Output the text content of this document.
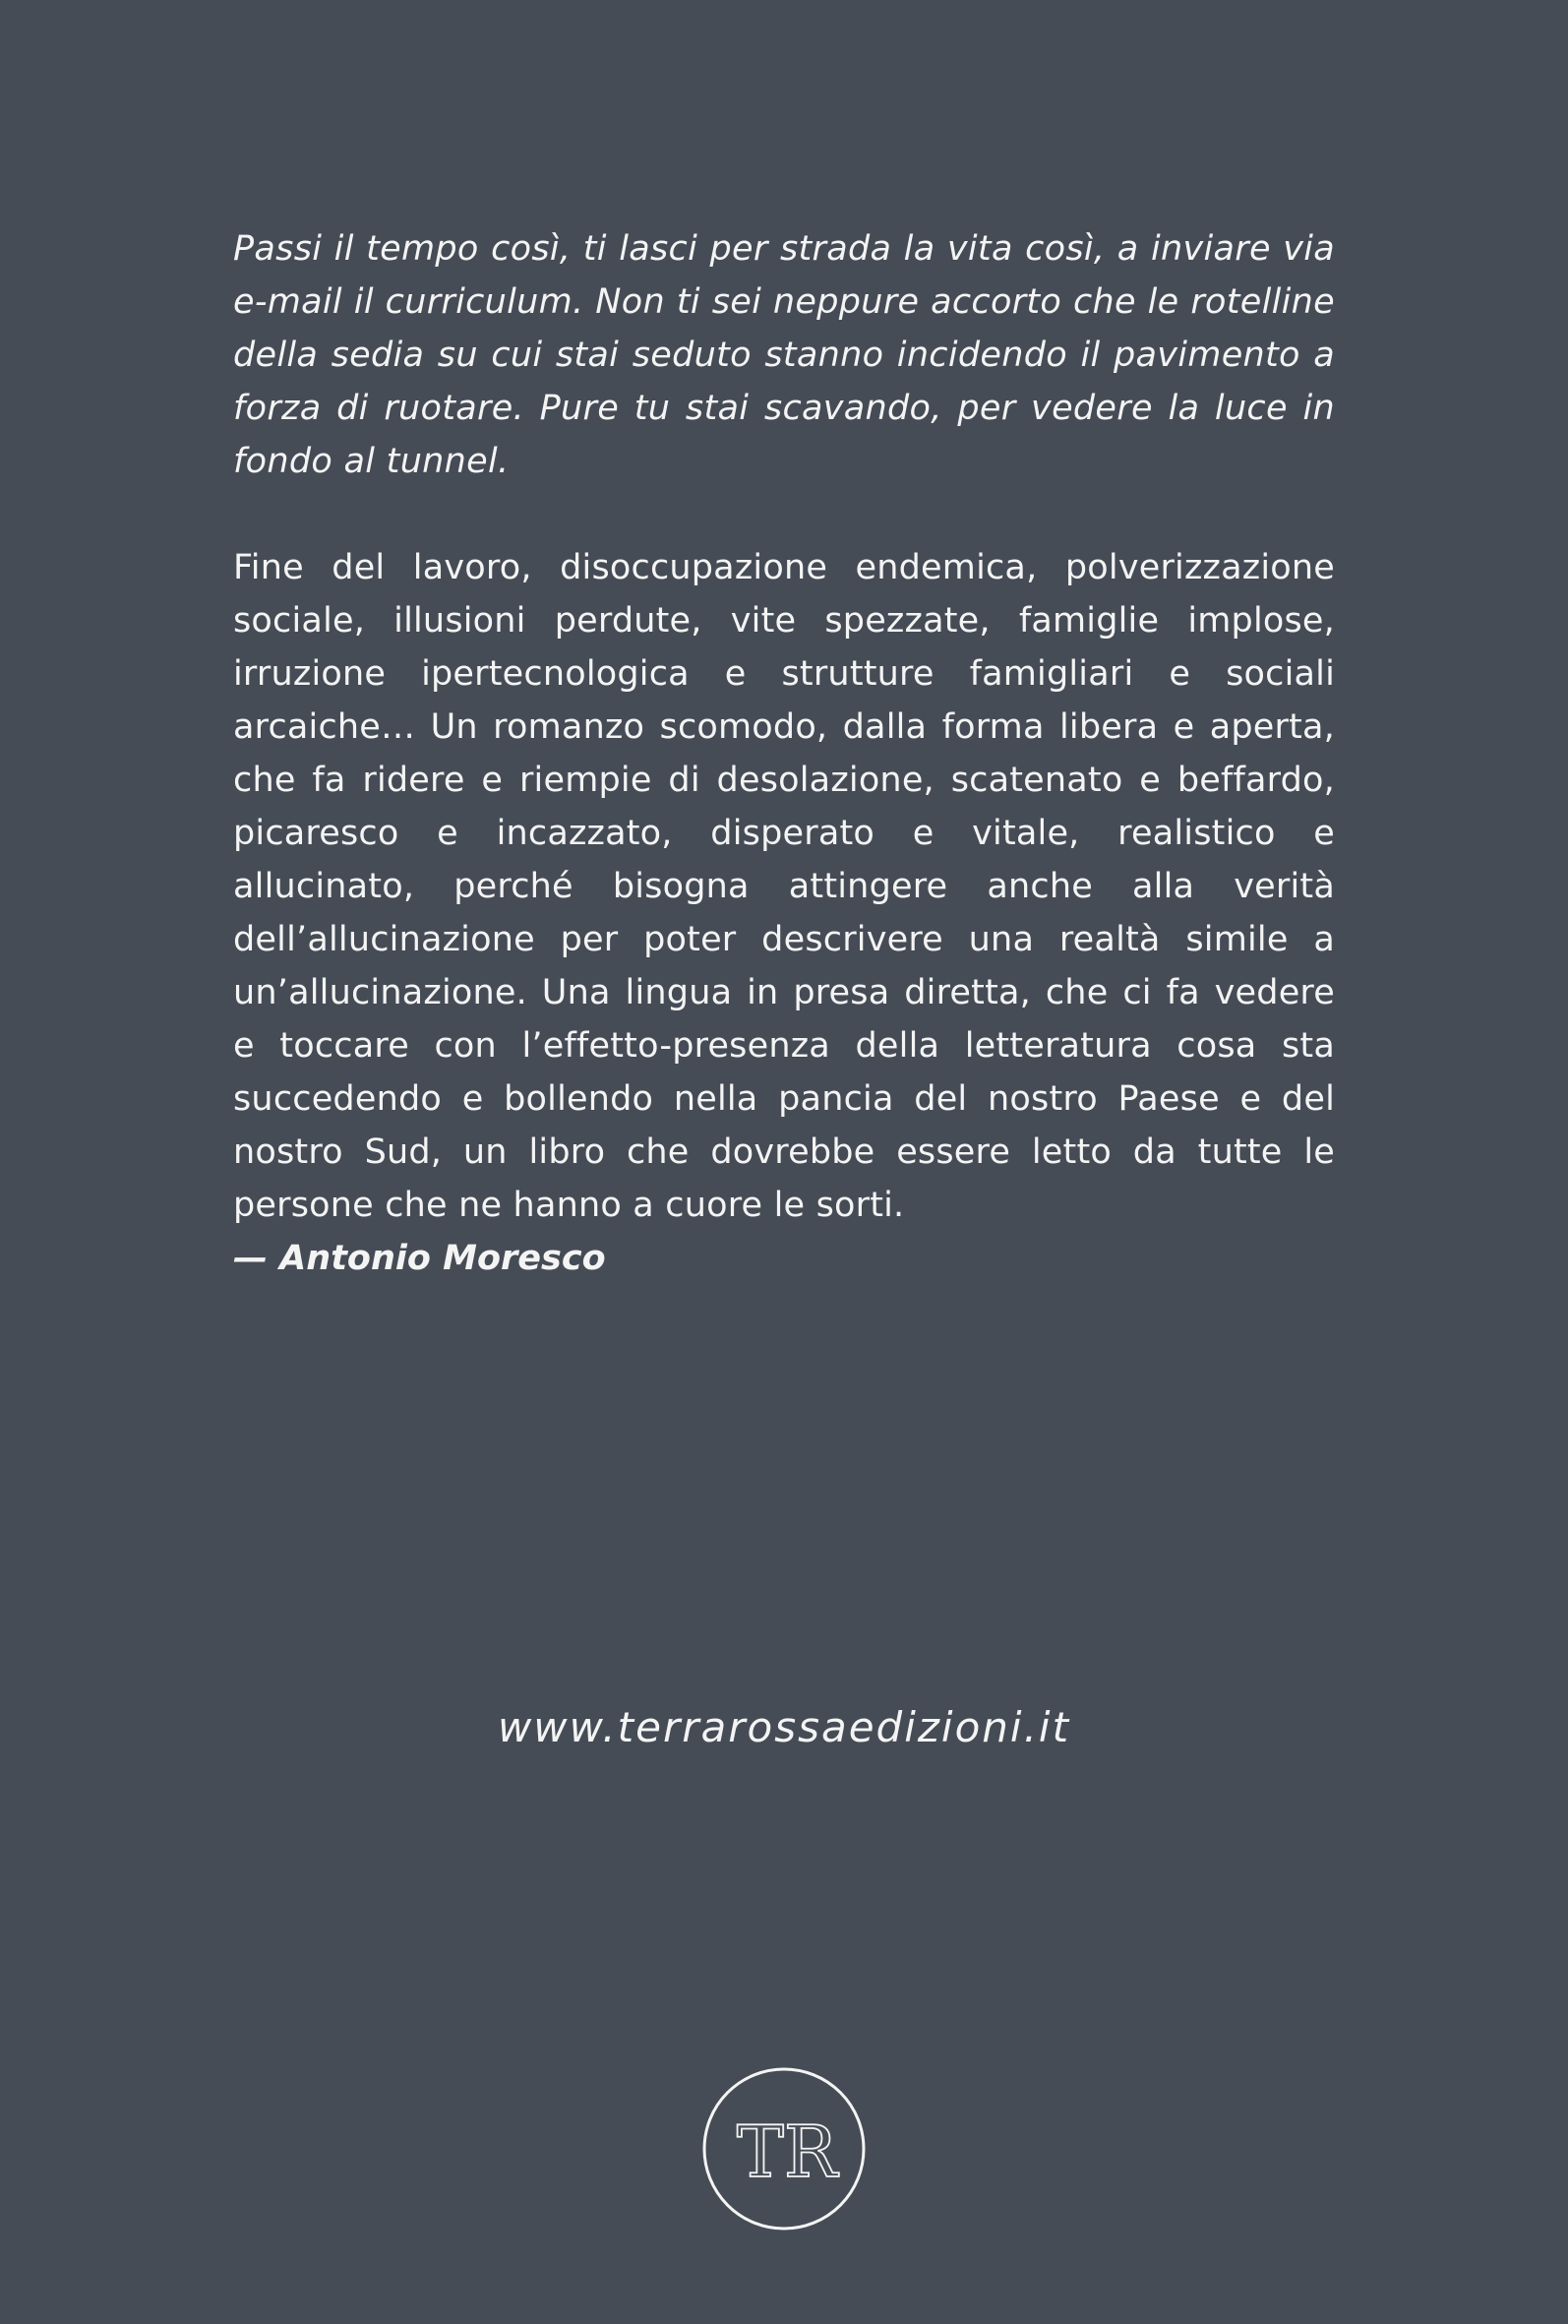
Passi il tempo così, ti lasci per strada la vita così, a inviare via e-mail il curriculum. Non ti sei neppure accorto che le rotelline della sedia su cui stai seduto stanno incidendo il pavimento a forza di ruotare. Pure tu stai scavando, per vedere la luce in fondo al tunnel.

Fine del lavoro, disoccupazione endemica, polverizzazione sociale, illusioni perdute, vite spezzate, famiglie implose, irruzione ipertecnologica e strutture famigliari e sociali arcaiche… Un romanzo scomodo, dalla forma libera e aperta, che fa ridere e riempie di desolazione, scatenato e beffardo, picaresco e incazzato, disperato e vitale, realistico e allucinato, perché bisogna attingere anche alla verità dell’allucinazione per poter descrivere una realtà simile a un’allucinazione. Una lingua in presa diretta, che ci fa vedere e toccare con l’effetto-presenza della letteratura cosa sta succedendo e bollendo nella pancia del nostro Paese e del nostro Sud, un libro che dovrebbe essere letto da tutte le persone che ne hanno a cuore le sorti.

— Antonio Moresco

www.terrarossaedizioni.it
TR
